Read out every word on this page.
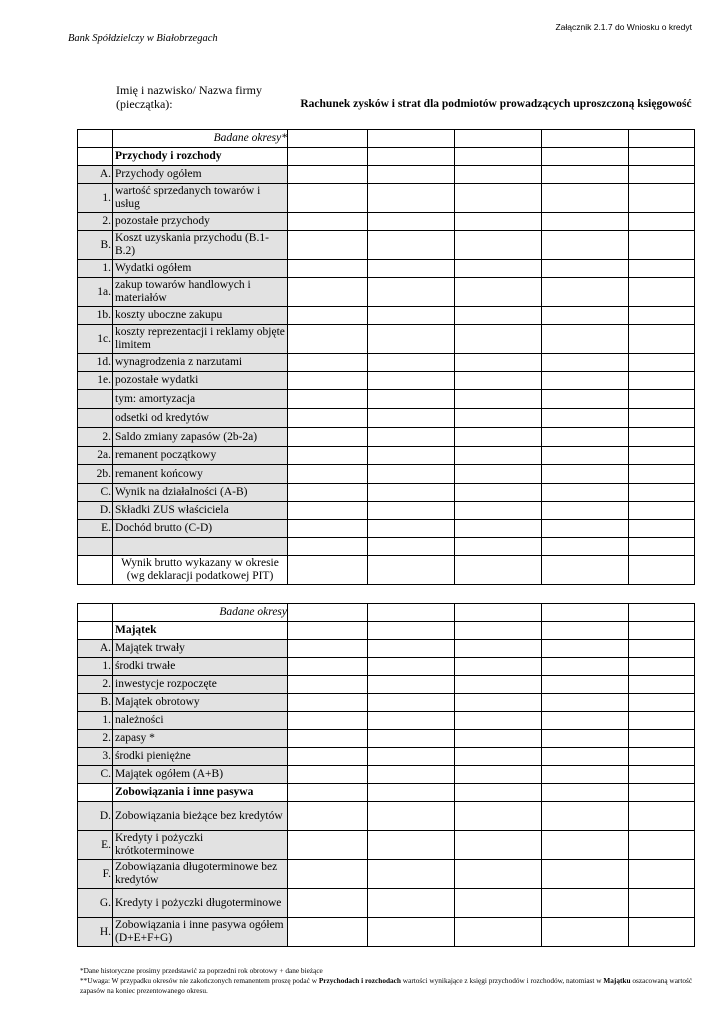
Załącznik 2.1.7 do Wniosku o kredyt
Bank Spółdzielczy w Białobrzegach
Imię i nazwisko/ Nazwa firmy (pieczątka):	Rachunek zysków i strat dla podmiotów prowadzących uproszczoną księgowość
	Badane okresy*					
	Przychody i rozchody					
A.	Przychody ogółem					
1.	wartość sprzedanych towarów i usług					
2.	pozostałe przychody					
B.	Koszt uzyskania przychodu (B.1-B.2)					
1.	Wydatki ogółem					
1a.	zakup towarów handlowych i materiałów					
1b.	koszty uboczne zakupu					
1c.	koszty reprezentacji i reklamy objęte limitem					
1d.	wynagrodzenia z narzutami					
1e.	pozostałe wydatki					
	tym: amortyzacja					
	odsetki od kredytów					
2.	Saldo zmiany zapasów (2b-2a)					
2a.	remanent początkowy					
2b.	remanent końcowy					
C.	Wynik na działalności (A-B)					
D.	Składki ZUS właściciela					
E.	Dochód brutto (C-D)					

	Wynik brutto wykazany w okresie (wg deklaracji podatkowej PIT)					
	Badane okresy					
	Majątek					
A.	Majątek trwały					
1.	środki trwałe					
2.	inwestycje rozpoczęte					
B.	Majątek obrotowy					
1.	należności					
2.	zapasy *					
3.	środki pieniężne					
C.	Majątek ogółem (A+B)					
	Zobowiązania i inne pasywa					
D.	Zobowiązania bieżące bez kredytów					
E.	Kredyty i pożyczki krótkoterminowe					
F.	Zobowiązania długoterminowe bez kredytów					
G.	Kredyty i pożyczki długoterminowe					
H.	Zobowiązania i inne pasywa ogółem (D+E+F+G)					
*Dane historyczne prosimy przedstawić za poprzedni rok obrotowy + dane bieżące
**Uwaga: W przypadku okresów nie zakończonych remanentem proszę podać w Przychodach i rozchodach wartości wynikające z księgi przychodów i rozchodów, natomiast w Majątku oszacowaną wartość zapasów na koniec prezentowanego okresu.
